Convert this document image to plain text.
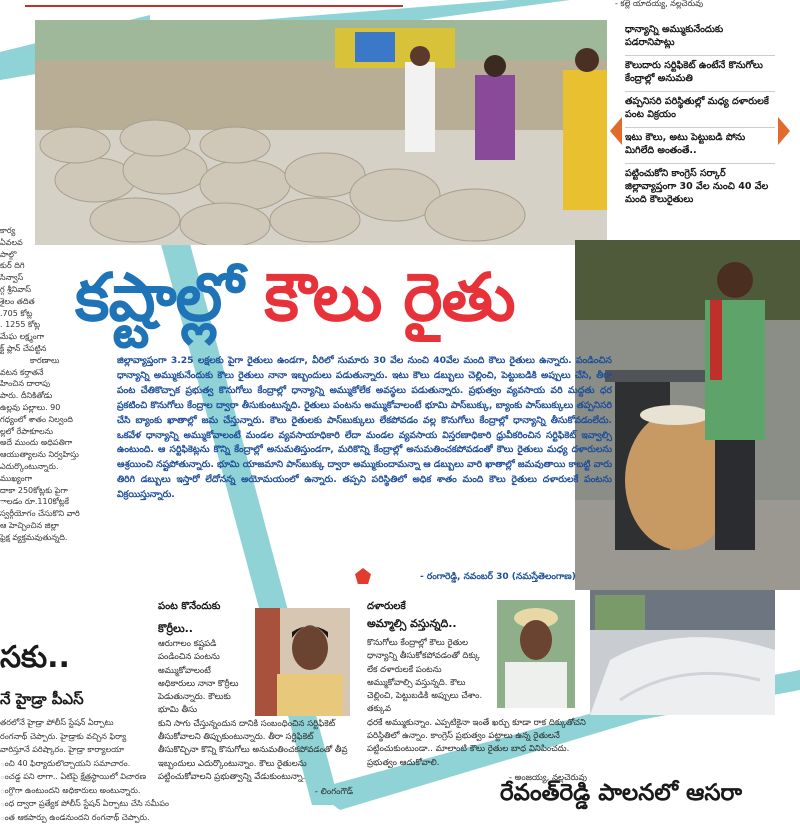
- కల్లె యాదయ్య, నల్లచెరువు
ధాన్యాన్ని అమ్ముకునేందుకు పడరానిపాట్లు
కౌలుదారు సర్టిఫికెట్ ఉంటేనే కొనుగోలు కేంద్రాల్లో అనుమతి
తప్పనిసరి పరిస్థితుల్లో మధ్య దళారులకే పంట విక్రయం
ఇటు కౌలు, అటు పెట్టుబడి పోను మిగిలేది అంతంతే..
పట్టించుకోని కాంగ్రెస్ సర్కార్ జిల్లావ్యాప్తంగా 30 వేల నుంచి 40 వేల మంది కౌలురైతులు
కార్య
ఏవలవ
పాల్గొ
కుర్ దిగి
సిన్వాస్
గ్గ శ్రీనివాస్
శైలం తదిత
.705 కోట్ల
. 1255 కోట్ల
మేఘ లక్ష్మంగా
క్ట్ ప్లాన్ చేపట్టిన
కారణాలు
వటన కర్తాతనే
హించిన దారాపు
పారు. దీనికితోడు
ఉల్లవు పల్లాలు. 90
గధ్యంలో శాతం నిల్వంది
ల్లలో రేపాకూలను
అదే ముందు అధిపతిగా
ఆయుత్యాలను నిర్వహిస్తు
ఎదుర్కొంటున్నారు. ముఖ్యంగా
దాకా 250కోట్లకు పైగా
ాలడం రూ.110కోట్లకే
స్వర్గీయోగం చేసుకొని వారి
ఆ హెచ్చించిన జిల్లా
ఫ్రెక్ష వ్యక్తమవుతున్నది.
సకు..
నే హైడ్రా పీఎస్
తరలోనే హైడ్రా పోలీస్ స్టేషన్ ఏర్పాటు
రంగనాథ్ చెప్పారు. హైడ్రాకు వచ్చిన ఫిర్యా
వారిస్తూనే పరిష్కారం. హైడ్రా కార్యాలయా
ంచి 40 ఫిర్యాదులొచ్చాయని సమాచారం.
ంచడ్డ పని లాగా.. ఏటిపై క్షేత్రస్థాయిలో విచారణ
ంగ్గొగా ఉంటుందని అధికారులు అంటున్నారు.
ంధ ద్వారా ప్రత్యేక పోలీస్ స్టేషన్ ఏర్పాటు చేసి సమీపం
ంత ఆకపార్పు ఉండనుందని రంగనాథ్ చెప్పారు.
కష్టాల్లో కౌలు రైతు
జిల్లావ్యాప్తంగా 3.25 లక్షలకు పైగా రైతులు ఉండగా, వీరిలో సుమారు 30 వేల నుంచి 40వేల మంది కౌలు రైతులు ఉన్నారు. పండించిన ధాన్యాన్ని అమ్ముకునేందుకు కౌలు రైతులు నానా ఇబ్బందులు పడుతున్నారు. ఇటు కౌలు డబ్బులు చెల్లించి, పెట్టుబడికి అప్పులు చేసి, తీరా పంట చేతికొచ్చాక ప్రభుత్వ కొనుగోలు కేంద్రాల్లో ధాన్యాన్ని అమ్ముకోలేక అవస్థలు పడుతున్నారు. ప్రభుత్వం వ్యవసాయ వరి మద్దతు ధర ప్రకటించి కొనుగోలు కేంద్రాల ద్వారా తీసుకుంటున్నది. రైతులు పంటను అమ్ముకోవాలంటే భూమి పాస్‌బుక్కు, బ్యాంకు పాస్‌బుక్కులు తప్పనిసరి చేసి బ్యాంకు ఖాతాల్లో జమ చేస్తున్నారు. కౌలు రైతులకు పాస్‌బుక్కులు లేకపోవడం వల్ల కొనుగోలు కేంద్రాల్లో ధాన్యాన్ని తీసుకోవడంలేదు. ఒకవేళ ధాన్యాన్ని అమ్ముకోవాలంటే మండల వ్యవసాయాధికారి లేదా మండల వ్యవసాయ విస్తరణాధికారి ధ్రువీకరించిన సర్టిఫికెట్ ఇవ్వాల్సి ఉంటుంది. ఆ సర్టిఫికెట్లను కొన్ని కేంద్రాల్లో అనుమతిస్తుండగా, మరికొన్ని కేంద్రాల్లో అనుమతించకపోవడంతో కౌలు రైతులు మధ్య దళారులను ఆశ్రయించి నష్టపోతున్నారు. భూమి యాజమాని పాస్‌బుక్కు ద్వారా అమ్ముకుందామన్నా ఆ డబ్బులు వారి ఖాతాల్లో జమవుతాయి కాబట్టి వారు తిరిగి డబ్బులు ఇస్తారో లేదోనన్న అయోమయంలో ఉన్నారు. తప్పని పరిస్థితిలో అధిక శాతం మంది కౌలు రైతులు దళారులకే పంటను విక్రయిస్తున్నారు.
- రంగారెడ్డి, నవంబర్ 30 (నమస్తేతెలంగాణ)
పంట కొనేందుకు
కొర్రీలు..
ఆరుగాలం కష్టపడి పండించిన పంటను అమ్ముకోవాలంటే అధికారులు నానా కొర్రీలు పెడుతున్నారు. కౌలుకు భూమి తీసు
కుని సాగు చేస్తున్నందున దానికి సంబంధించిన సర్టిఫికెట్ తీసుకోవాలని తిప్పుకుంటున్నారు. తీరా సర్టిఫికెట్ తీసుకొచ్చినా కొన్ని కొనుగోలు అనుమతించకపోవడంతో తీవ్ర ఇబ్బందులు ఎదుర్కొంటున్నాం. కౌలు రైతులను పట్టించుకోవాలని ప్రభుత్వాన్ని వేడుకుంటున్నా.
- లింగంగౌడ్
దళారులకే
అమ్మాల్సి వస్తున్నది..
కొనుగోలు కేంద్రాల్లో కౌలు రైతుల ధాన్యాన్ని తీసుకోకపోవడంతో దిక్కు లేక దళారులకే పంటను అమ్ముకోవాల్సి వస్తున్నది. కౌలు చెల్లించి, పెట్టుబడికి అప్పులు చేశాం. తక్కువ
ధరకే అమ్ముకున్నాం. ఎప్పటికైనా ఇంతే ఖర్చు కూడా రాక దిక్కుతోచని పరిస్థితిలో ఉన్నాం. కాంగ్రెస్ ప్రభుత్వం పట్టాలు ఉన్న రైతులనే పట్టించుకుంటుండా.. మాలాంటి కౌలు రైతుల బాధ వినిపించదు. ప్రభుత్వం ఆదుకోవాలి.
- అంజయ్య, నల్లచెరువు
రేవంత్‌రెడ్డి పాలనలో ఆసరా
